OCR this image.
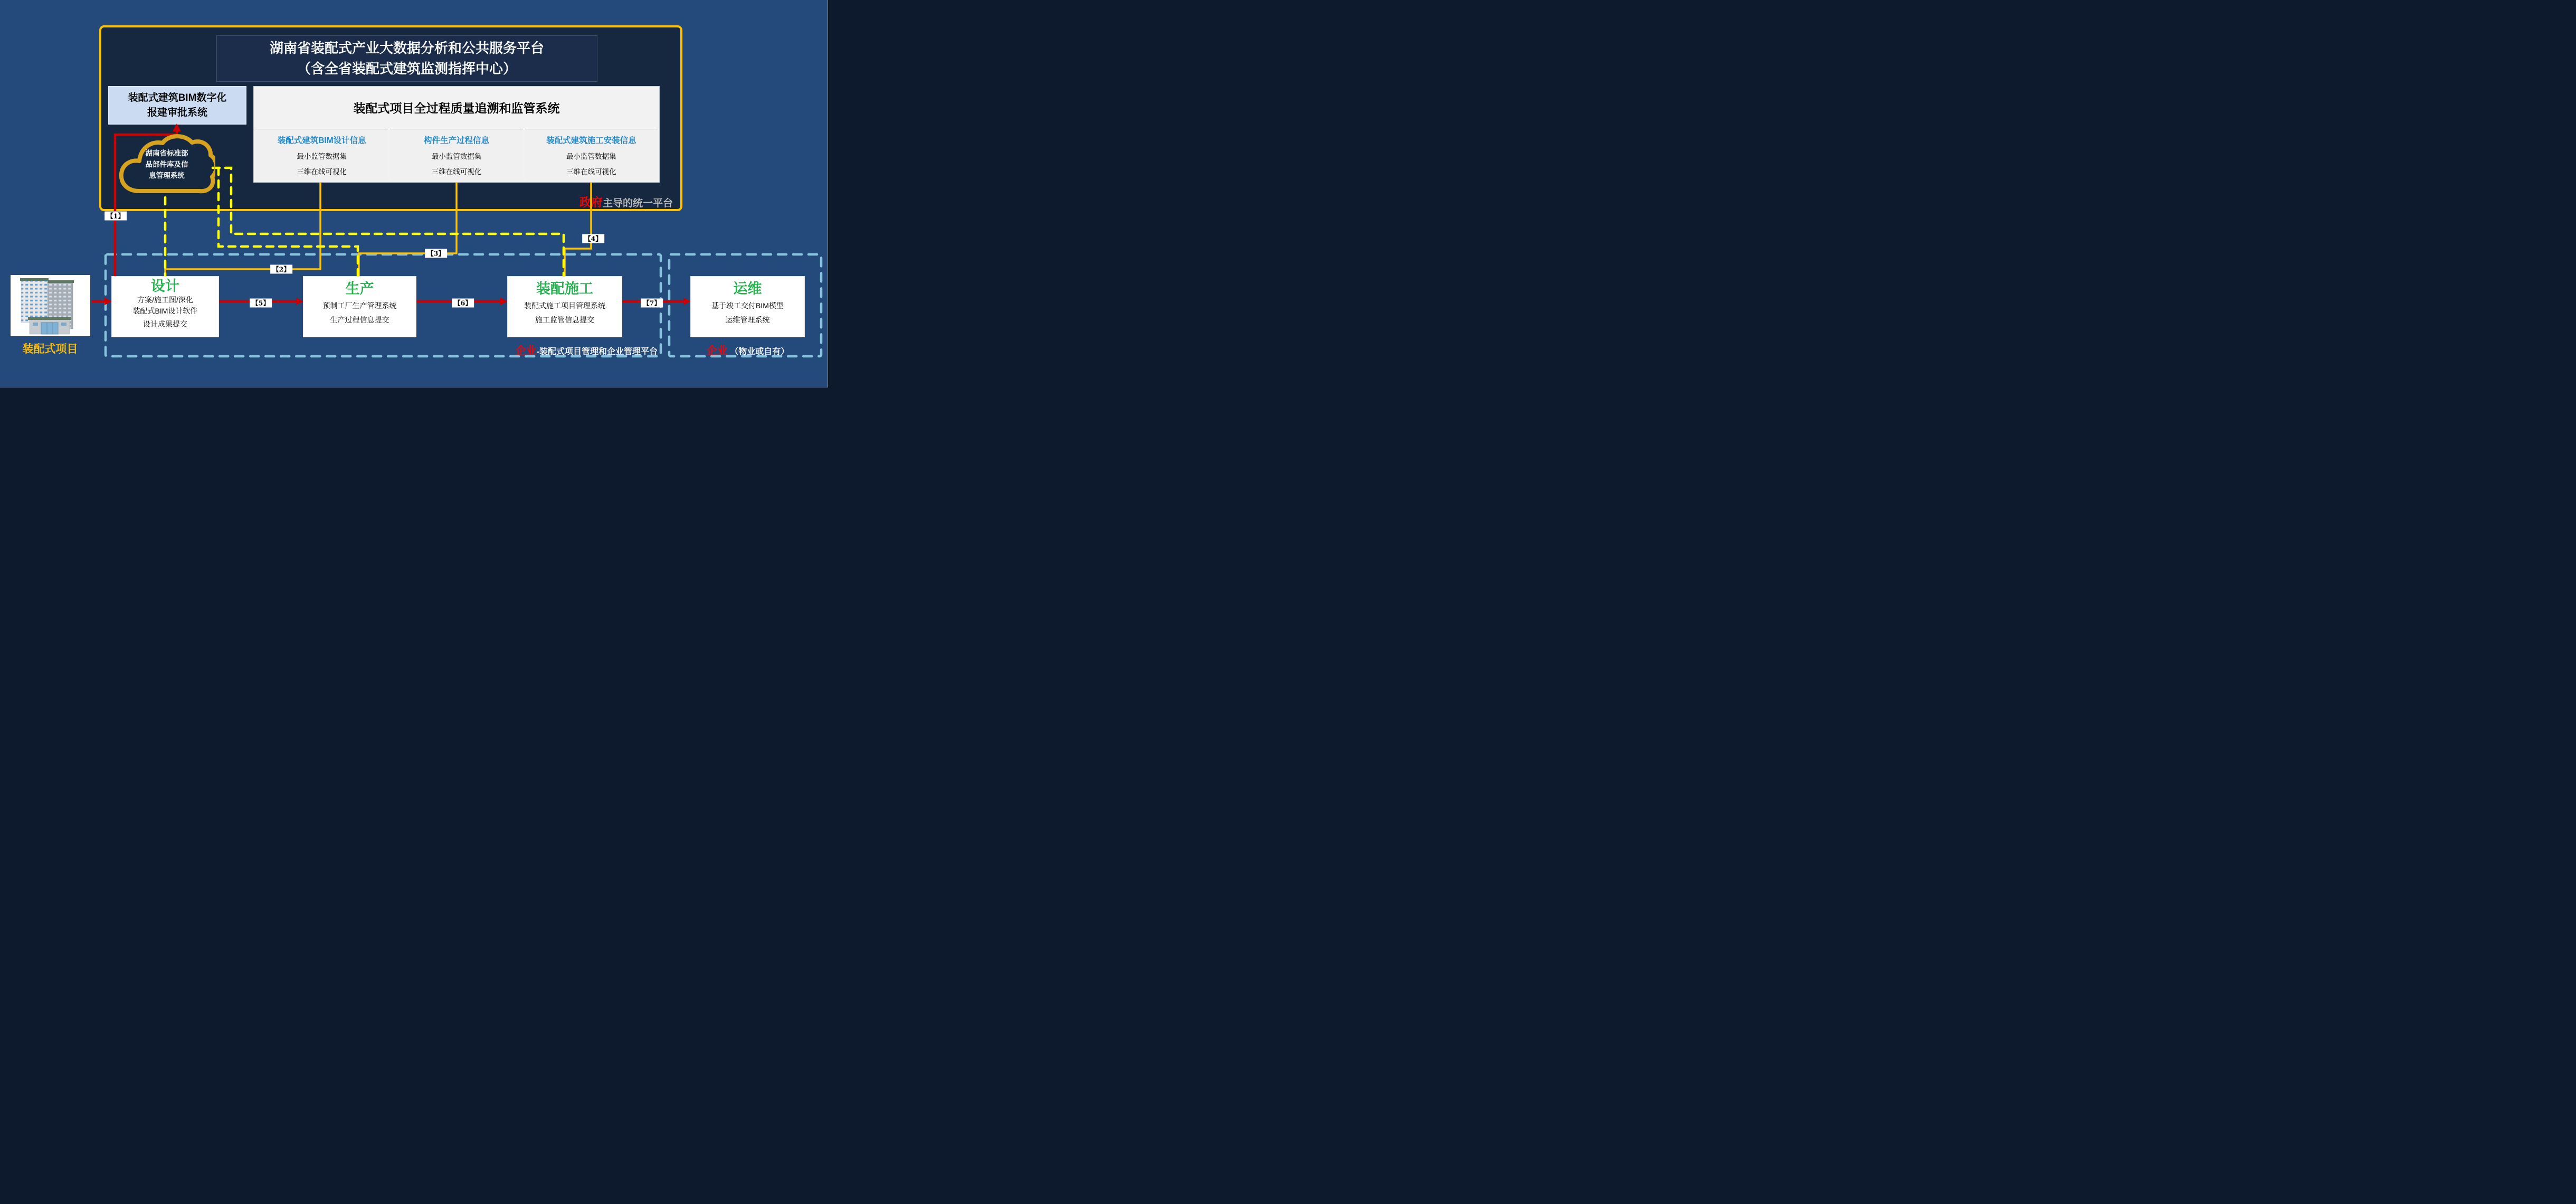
湖南省装配式产业大数据分析和公共服务平台
（含全省装配式建筑监测指挥中心）
装配式建筑BIM数字化
报建审批系统	装配式项目全过程质量追溯和监管系统
装配式建筑BIM设计信息
最小监管数据集
三维在线可视化
构件生产过程信息
最小监管数据集
三维在线可视化
装配式建筑施工安装信息
最小监管数据集
三维在线可视化
政府主导的统一平台
湖南省标准部
品部件库及信
息管理系统
装配式项目
设计
方案/施工图/深化
装配式BIM设计软件
设计成果提交
生产
预制工厂生产管理系统
生产过程信息提交
装配施工
装配式施工项目管理系统
施工监管信息提交
运维
基于竣工交付BIM模型
运维管理系统
企业-装配式项目管理和企业管理平台	企业 （物业或自有）
【1】
【2】
【3】
【4】
【5】	【6】	【7】
